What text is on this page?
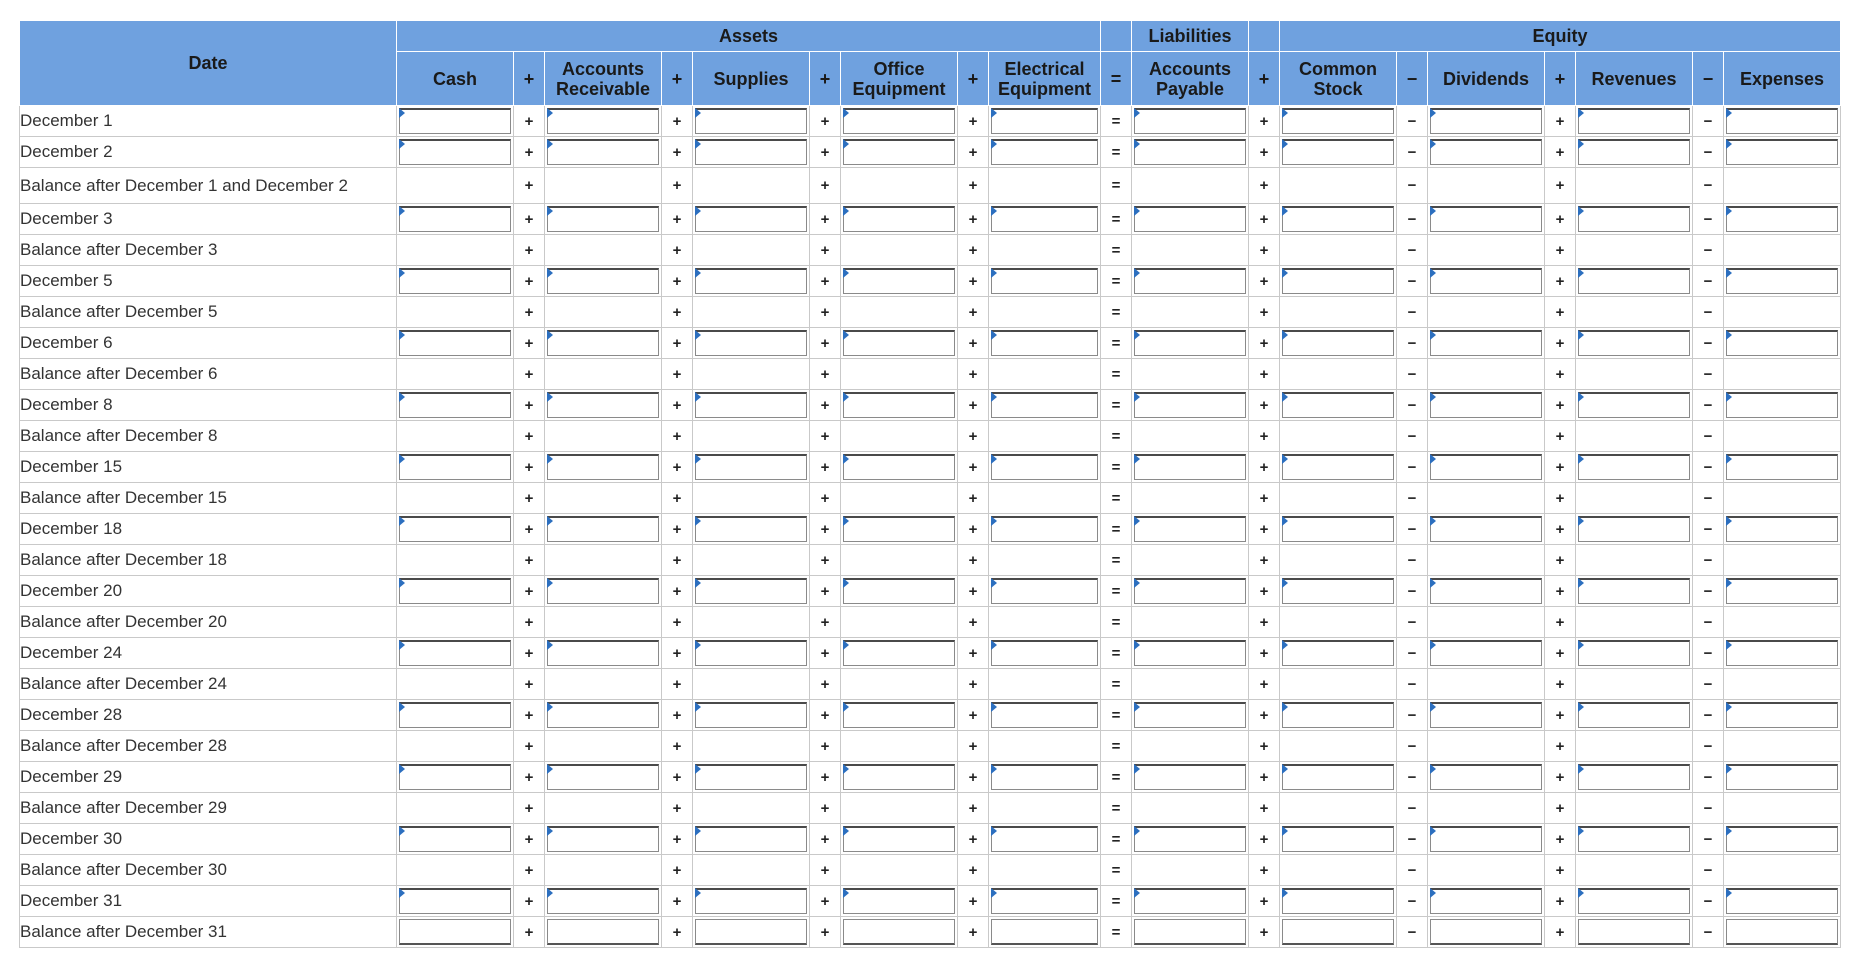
Date	Assets										Liabilities		Equity						
	Cash	+	Accounts Receivable	+	Supplies	+	Office Equipment	+	Electrical Equipment	=	Accounts Payable	+	Common Stock	−	Dividends	+	Revenues	−	Expenses
December 1		+		+		+		+		=		+		−		+		−	

December 2		+		+		+		+		=		+		−		+		−	

Balance after December 1 and December 2		+		+		+		+		=		+		−		+		−	
December 3		+		+		+		+		=		+		−		+		−	

Balance after December 3		+		+		+		+		=		+		−		+		−	
December 5		+		+		+		+		=		+		−		+		−	

Balance after December 5		+		+		+		+		=		+		−		+		−	
December 6		+		+		+		+		=		+		−		+		−	

Balance after December 6		+		+		+		+		=		+		−		+		−	
December 8		+		+		+		+		=		+		−		+		−	

Balance after December 8		+		+		+		+		=		+		−		+		−	
December 15		+		+		+		+		=		+		−		+		−	

Balance after December 15		+		+		+		+		=		+		−		+		−	
December 18		+		+		+		+		=		+		−		+		−	

Balance after December 18		+		+		+		+		=		+		−		+		−	
December 20		+		+		+		+		=		+		−		+		−	

Balance after December 20		+		+		+		+		=		+		−		+		−	
December 24		+		+		+		+		=		+		−		+		−	

Balance after December 24		+		+		+		+		=		+		−		+		−	
December 28		+		+		+		+		=		+		−		+		−	

Balance after December 28		+		+		+		+		=		+		−		+		−	
December 29		+		+		+		+		=		+		−		+		−	

Balance after December 29		+		+		+		+		=		+		−		+		−	
December 30		+		+		+		+		=		+		−		+		−	

Balance after December 30		+		+		+		+		=		+		−		+		−	
December 31		+		+		+		+		=		+		−		+		−	

Balance after December 31		+		+		+		+		=		+		−		+		−	
